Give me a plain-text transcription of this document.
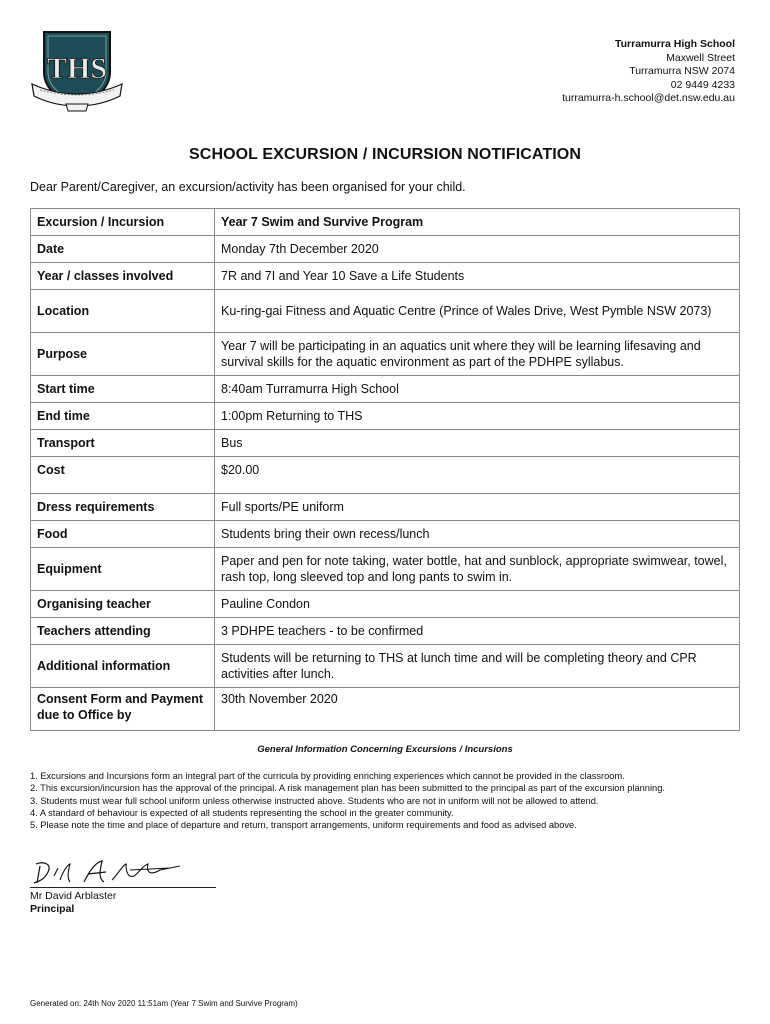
THS
Turramurra High School
Maxwell Street
Turramurra NSW 2074
02 9449 4233
turramurra-h.school@det.nsw.edu.au
SCHOOL EXCURSION / INCURSION NOTIFICATION
Dear Parent/Caregiver, an excursion/activity has been organised for your child.
Excursion / Incursion	Year 7 Swim and Survive Program
Date	Monday 7th December 2020
Year / classes involved	7R and 7I and Year 10 Save a Life Students
Location	Ku-ring-gai Fitness and Aquatic Centre (Prince of Wales Drive, West Pymble NSW 2073)
Purpose	Year 7 will be participating in an aquatics unit where they will be learning lifesaving and survival skills for the aquatic environment as part of the PDHPE syllabus.
Start time	8:40am Turramurra High School
End time	1:00pm Returning to THS
Transport	Bus
Cost	$20.00
Dress requirements	Full sports/PE uniform
Food	Students bring their own recess/lunch
Equipment	Paper and pen for note taking, water bottle, hat and sunblock, appropriate swimwear, towel, rash top, long sleeved top and long pants to swim in.
Organising teacher	Pauline Condon
Teachers attending	3 PDHPE teachers - to be confirmed
Additional information	Students will be returning to THS at lunch time and will be completing theory and CPR activities after lunch.
Consent Form and Payment due to Office by	30th November 2020
General Information Concerning Excursions / Incursions

1. Excursions and Incursions form an integral part of the curricula by providing enriching experiences which cannot be provided in the classroom.

2. This excursion/incursion has the approval of the principal. A risk management plan has been submitted to the principal as part of the excursion planning.

3. Students must wear full school uniform unless otherwise instructed above. Students who are not in uniform will not be allowed to attend.

4. A standard of behaviour is expected of all students representing the school in the greater community.

5. Please note the time and place of departure and return, transport arrangements, uniform requirements and food as advised above.

Mr David Arblaster
Principal
Generated on: 24th Nov 2020 11:51am (Year 7 Swim and Survive Program)
